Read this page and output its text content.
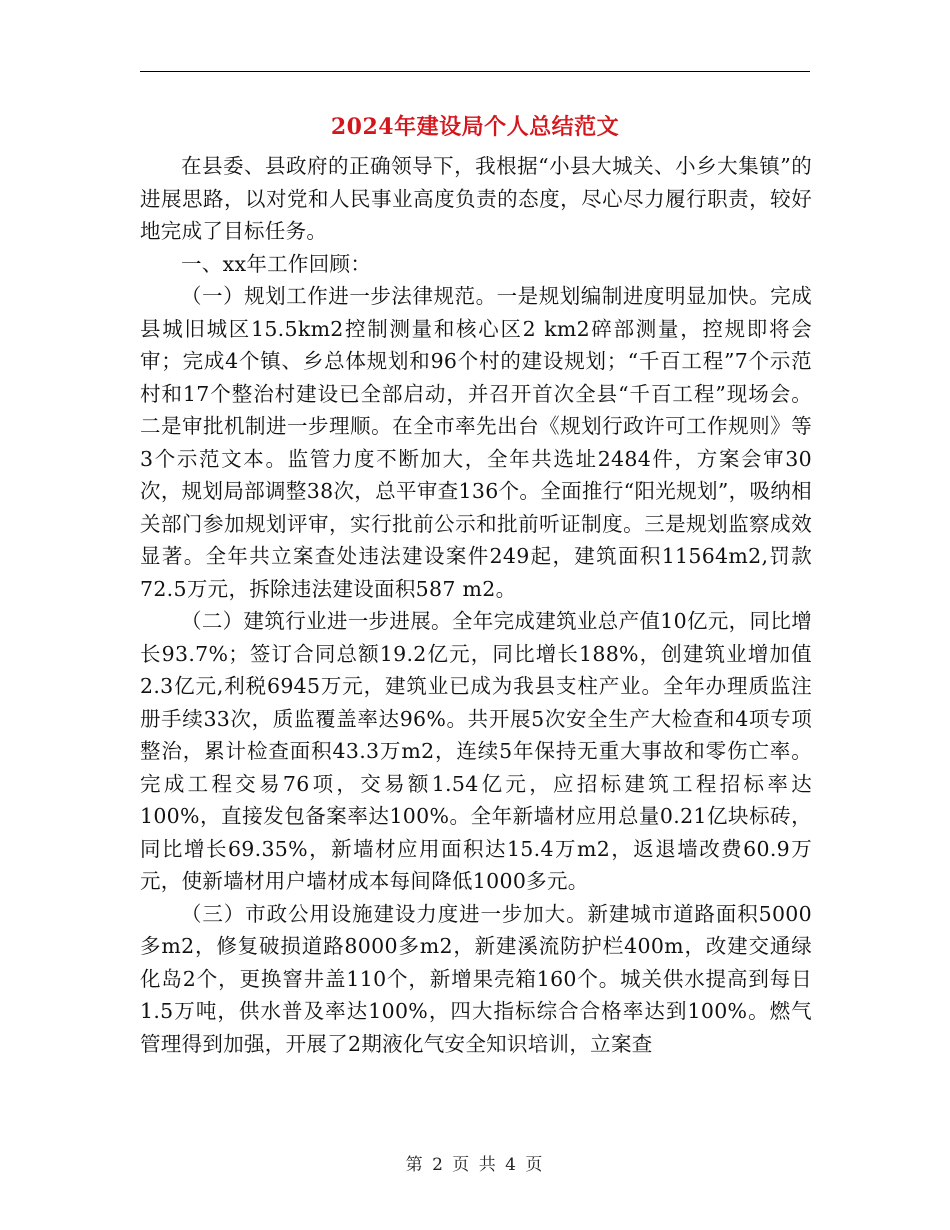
2024年建设局个人总结范文

在县委、县政府的正确领导下，我根据“小县大城关、小乡大集镇”的进展思路，以对党和人民事业高度负责的态度，尽心尽力履行职责，较好地完成了目标任务。

一、xx年工作回顾：

（一）规划工作进一步法律规范。一是规划编制进度明显加快。完成县城旧城区15.5km2控制测量和核心区2 km2碎部测量，控规即将会审；完成4个镇、乡总体规划和96个村的建设规划；“千百工程”7个示范村和17个整治村建设已全部启动，并召开首次全县“千百工程”现场会。二是审批机制进一步理顺。在全市率先出台《规划行政许可工作规则》等3个示范文本。监管力度不断加大，全年共选址2484件，方案会审30次，规划局部调整38次，总平审查136个。全面推行“阳光规划”，吸纳相关部门参加规划评审，实行批前公示和批前听证制度。三是规划监察成效显著。全年共立案查处违法建设案件249起，建筑面积11564m2,罚款72.5万元，拆除违法建设面积587 m2。

（二）建筑行业进一步进展。全年完成建筑业总产值10亿元，同比增长93.7%；签订合同总额19.2亿元，同比增长188%，创建筑业增加值2.3亿元,利税6945万元，建筑业已成为我县支柱产业。全年办理质监注册手续33次，质监覆盖率达96%。共开展5次安全生产大检查和4项专项整治，累计检查面积43.3万m2，连续5年保持无重大事故和零伤亡率。完成工程交易76项，交易额1.54亿元，应招标建筑工程招标率达100%，直接发包备案率达100%。全年新墙材应用总量0.21亿块标砖，同比增长69.35%，新墙材应用面积达15.4万m2，返退墙改费60.9万元，使新墙材用户墙材成本每间降低1000多元。

（三）市政公用设施建设力度进一步加大。新建城市道路面积5000多m2，修复破损道路8000多m2，新建溪流防护栏400m，改建交通绿化岛2个，更换窨井盖110个，新增果壳箱160个。城关供水提高到每日1.5万吨，供水普及率达100%，四大指标综合合格率达到100%。燃气管理得到加强，开展了2期液化气安全知识培训，立案查

第 2 页 共 4 页
